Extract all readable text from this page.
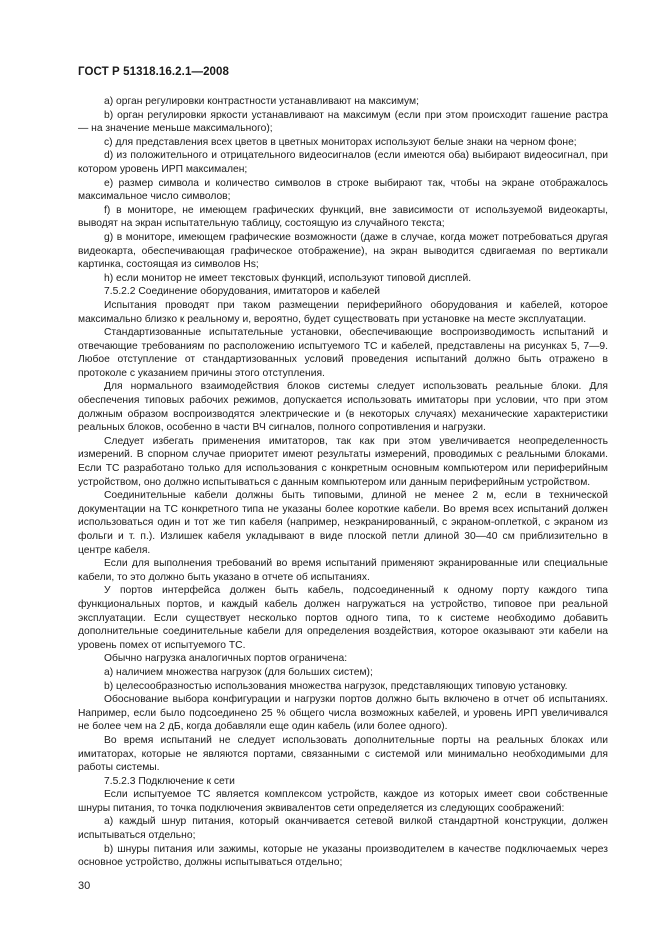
ГОСТ Р 51318.16.2.1—2008

а) орган регулировки контрастности устанавливают на максимум;

b) орган регулировки яркости устанавливают на максимум (если при этом происходит гашение растра — на значение меньше максимального);

c) для представления всех цветов в цветных мониторах используют белые знаки на черном фоне;

d) из положительного и отрицательного видеосигналов (если имеются оба) выбирают видеосигнал, при котором уровень ИРП максимален;

e) размер символа и количество символов в строке выбирают так, чтобы на экране отображалось максимальное число символов;

f) в мониторе, не имеющем графических функций, вне зависимости от используемой видеокарты, выводят на экран испытательную таблицу, состоящую из случайного текста;

g) в мониторе, имеющем графические возможности (даже в случае, когда может потребоваться другая видеокарта, обеспечивающая графическое отображение), на экран выводится сдвигаемая по вертикали картинка, состоящая из символов Hs;

h) если монитор не имеет текстовых функций, используют типовой дисплей.

7.5.2.2 Соединение оборудования, имитаторов и кабелей

Испытания проводят при таком размещении периферийного оборудования и кабелей, которое максимально близко к реальному и, вероятно, будет существовать при установке на месте эксплуатации.

Стандартизованные испытательные установки, обеспечивающие воспроизводимость испытаний и отвечающие требованиям по расположению испытуемого ТС и кабелей, представлены на рисунках 5, 7—9. Любое отступление от стандартизованных условий проведения испытаний должно быть отражено в протоколе с указанием причины этого отступления.

Для нормального взаимодействия блоков системы следует использовать реальные блоки. Для обеспечения типовых рабочих режимов, допускается использовать имитаторы при условии, что при этом должным образом воспроизводятся электрические и (в некоторых случаях) механические характеристики реальных блоков, особенно в части ВЧ сигналов, полного сопротивления и нагрузки.

Следует избегать применения имитаторов, так как при этом увеличивается неопределенность измерений. В спорном случае приоритет имеют результаты измерений, проводимых с реальными блоками. Если ТС разработано только для использования с конкретным основным компьютером или периферийным устройством, оно должно испытываться с данным компьютером или данным периферийным устройством.

Соединительные кабели должны быть типовыми, длиной не менее 2 м, если в технической документации на ТС конкретного типа не указаны более короткие кабели. Во время всех испытаний должен использоваться один и тот же тип кабеля (например, неэкранированный, с экраном-оплеткой, с экраном из фольги и т. п.). Излишек кабеля укладывают в виде плоской петли длиной 30—40 см приблизительно в центре кабеля.

Если для выполнения требований во время испытаний применяют экранированные или специальные кабели, то это должно быть указано в отчете об испытаниях.

У портов интерфейса должен быть кабель, подсоединенный к одному порту каждого типа функциональных портов, и каждый кабель должен нагружаться на устройство, типовое при реальной эксплуатации. Если существует несколько портов одного типа, то к системе необходимо добавить дополнительные соединительные кабели для определения воздействия, которое оказывают эти кабели на уровень помех от испытуемого ТС.

Обычно нагрузка аналогичных портов ограничена:

а) наличием множества нагрузок (для больших систем);

b) целесообразностью использования множества нагрузок, представляющих типовую установку.

Обоснование выбора конфигурации и нагрузки портов должно быть включено в отчет об испытаниях. Например, если было подсоединено 25 % общего числа возможных кабелей, и уровень ИРП увеличивался не более чем на 2 дБ, когда добавляли еще один кабель (или более одного).

Во время испытаний не следует использовать дополнительные порты на реальных блоках или имитаторах, которые не являются портами, связанными с системой или минимально необходимыми для работы системы.

7.5.2.3 Подключение к сети

Если испытуемое ТС является комплексом устройств, каждое из которых имеет свои собственные шнуры питания, то точка подключения эквивалентов сети определяется из следующих соображений:

а) каждый шнур питания, который оканчивается сетевой вилкой стандартной конструкции, должен испытываться отдельно;

b) шнуры питания или зажимы, которые не указаны производителем в качестве подключаемых через основное устройство, должны испытываться отдельно;

30
